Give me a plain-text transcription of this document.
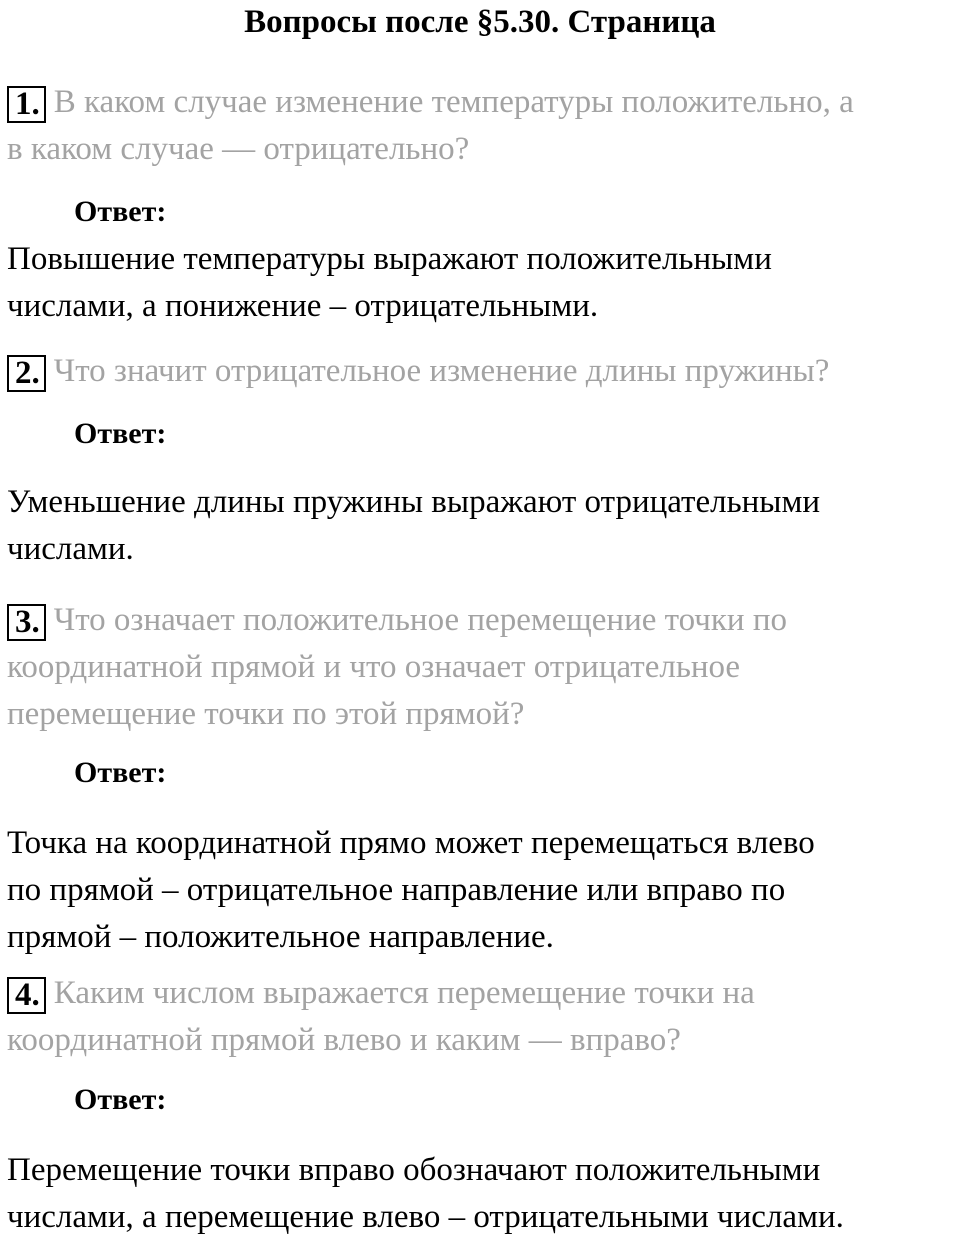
Вопросы после §5.30. Страница
1. В каком случае изменение температуры положительно, а
в каком случае — отрицательно?
Ответ:
Повышение температуры выражают положительными
числами, а понижение – отрицательными.
2. Что значит отрицательное изменение длины пружины?
Ответ:
Уменьшение длины пружины выражают отрицательными
числами.
3. Что означает положительное перемещение точки по
координатной прямой и что означает отрицательное
перемещение точки по этой прямой?
Ответ:
Точка на координатной прямо может перемещаться влево
по прямой – отрицательное направление или вправо по
прямой – положительное направление.
4. Каким числом выражается перемещение точки на
координатной прямой влево и каким — вправо?
Ответ:
Перемещение точки вправо обозначают положительными
числами, а перемещение влево – отрицательными числами.
